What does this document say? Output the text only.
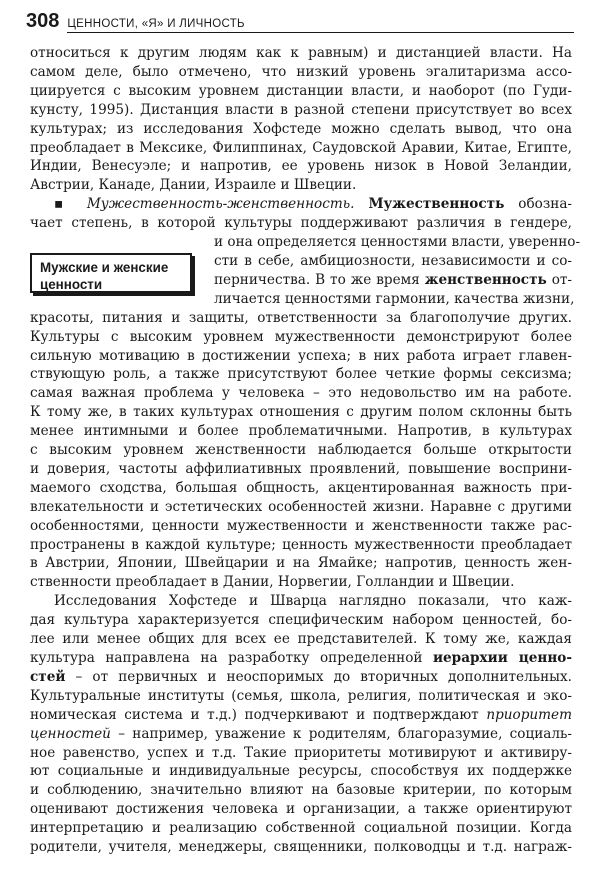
308 ЦЕННОСТИ, «Я» И ЛИЧНОСТЬ
относиться к другим людям как к равным) и дистанцией власти. На
самом деле, было отмечено, что низкий уровень эгалитаризма ассо-
циируется с высоким уровнем дистанции власти, и наоборот (по Гуди-
кунсту, 1995). Дистанция власти в разной степени присутствует во всех
культурах; из исследования Хофстеде можно сделать вывод, что она
преобладает в Мексике, Филиппинах, Саудовской Аравии, Китае, Египте,
Индии, Венесуэле; и напротив, ее уровень низок в Новой Зеландии,
Австрии, Канаде, Дании, Израиле и Швеции.
▪ Мужественность-женственность. Мужественность обозна-
чает степень, в которой культуры поддерживают различия в гендере,
и она определяется ценностями власти, уверенно-
сти в себе, амбициозности, независимости и со-
перничества. В то же время женственность от-
личается ценностями гармонии, качества жизни,
красоты, питания и защиты, ответственности за благополучие других.
Культуры с высоким уровнем мужественности демонстрируют более
сильную мотивацию в достижении успеха; в них работа играет главен-
ствующую роль, а также присутствуют более четкие формы сексизма;
самая важная проблема у человека – это недовольство им на работе.
К тому же, в таких культурах отношения с другим полом склонны быть
менее интимными и более проблематичными. Напротив, в культурах
с высоким уровнем женственности наблюдается больше открытости
и доверия, частоты аффилиативных проявлений, повышение восприни-
маемого сходства, большая общность, акцентированная важность при-
влекательности и эстетических особенностей жизни. Наравне с другими
особенностями, ценности мужественности и женственности также рас-
пространены в каждой культуре; ценность мужественности преобладает
в Австрии, Японии, Швейцарии и на Ямайке; напротив, ценность жен-
ственности преобладает в Дании, Норвегии, Голландии и Швеции.
Исследования Хофстеде и Шварца наглядно показали, что каж-
дая культура характеризуется специфическим набором ценностей, бо-
лее или менее общих для всех ее представителей. К тому же, каждая
культура направлена на разработку определенной иерархии ценно-
стей – от первичных и неоспоримых до вторичных дополнительных.
Культуральные институты (семья, школа, религия, политическая и эко-
номическая система и т.д.) подчеркивают и подтверждают приоритет
ценностей – например, уважение к родителям, благоразумие, социаль-
ное равенство, успех и т.д. Такие приоритеты мотивируют и активиру-
ют социальные и индивидуальные ресурсы, способствуя их поддержке
и соблюдению, значительно влияют на базовые критерии, по которым
оценивают достижения человека и организации, а также ориентируют
интерпретацию и реализацию собственной социальной позиции. Когда
родители, учителя, менеджеры, священники, полководцы и т.д. награж-
Мужские и женские
ценности
